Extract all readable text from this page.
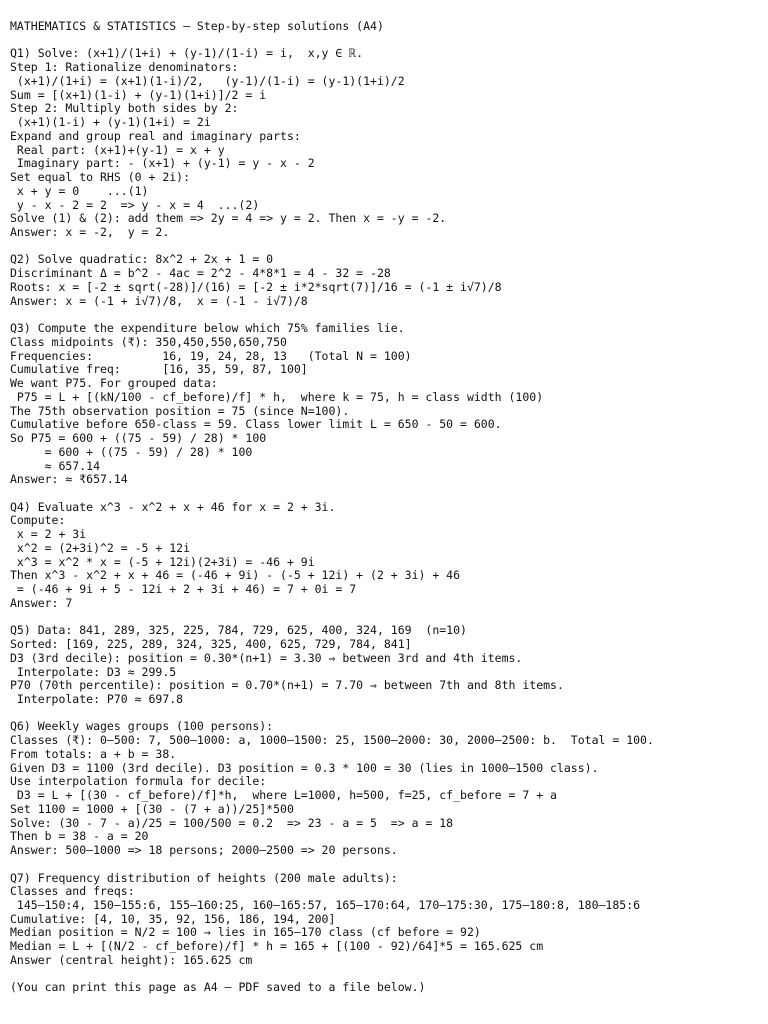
MATHEMATICS & STATISTICS — Step-by-step solutions (A4)
Q1) Solve: (x+1)/(1+i) + (y-1)/(1-i) = i,  x,y ∈ ℝ.
Step 1: Rationalize denominators:
(x+1)/(1+i) = (x+1)(1-i)/2,   (y-1)/(1-i) = (y-1)(1+i)/2
Sum = [(x+1)(1-i) + (y-1)(1+i)]/2 = i
Step 2: Multiply both sides by 2:
(x+1)(1-i) + (y-1)(1+i) = 2i
Expand and group real and imaginary parts:
Real part: (x+1)+(y-1) = x + y
Imaginary part: - (x+1) + (y-1) = y - x - 2
Set equal to RHS (0 + 2i):
x + y = 0    ...(1)
y - x - 2 = 2  => y - x = 4  ...(2)
Solve (1) & (2): add them => 2y = 4 => y = 2. Then x = -y = -2.
Answer: x = -2,  y = 2.
Q2) Solve quadratic: 8x^2 + 2x + 1 = 0
Discriminant Δ = b^2 - 4ac = 2^2 - 4*8*1 = 4 - 32 = -28
Roots: x = [-2 ± sqrt(-28)]/(16) = [-2 ± i*2*sqrt(7)]/16 = (-1 ± i√7)/8
Answer: x = (-1 + i√7)/8,  x = (-1 - i√7)/8
Q3) Compute the expenditure below which 75% families lie.
Class midpoints (₹): 350,450,550,650,750
Frequencies:          16, 19, 24, 28, 13   (Total N = 100)
Cumulative freq:      [16, 35, 59, 87, 100]
We want P75. For grouped data:
P75 = L + [(kN/100 - cf_before)/f] * h,  where k = 75, h = class width (100)
The 75th observation position = 75 (since N=100).
Cumulative before 650-class = 59. Class lower limit L = 650 - 50 = 600.
So P75 = 600 + ((75 - 59) / 28) * 100
= 600 + ((75 - 59) / 28) * 100
≈ 657.14
Answer: ≈ ₹657.14
Q4) Evaluate x^3 - x^2 + x + 46 for x = 2 + 3i.
Compute:
x = 2 + 3i
x^2 = (2+3i)^2 = -5 + 12i
x^3 = x^2 * x = (-5 + 12i)(2+3i) = -46 + 9i
Then x^3 - x^2 + x + 46 = (-46 + 9i) - (-5 + 12i) + (2 + 3i) + 46
= (-46 + 9i + 5 - 12i + 2 + 3i + 46) = 7 + 0i = 7
Answer: 7
Q5) Data: 841, 289, 325, 225, 784, 729, 625, 400, 324, 169  (n=10)
Sorted: [169, 225, 289, 324, 325, 400, 625, 729, 784, 841]
D3 (3rd decile): position = 0.30*(n+1) = 3.30 ⇒ between 3rd and 4th items.
Interpolate: D3 ≈ 299.5
P70 (70th percentile): position = 0.70*(n+1) = 7.70 ⇒ between 7th and 8th items.
Interpolate: P70 ≈ 697.8
Q6) Weekly wages groups (100 persons):
Classes (₹): 0–500: 7, 500–1000: a, 1000–1500: 25, 1500–2000: 30, 2000–2500: b.  Total = 100.
From totals: a + b = 38.
Given D3 = 1100 (3rd decile). D3 position = 0.3 * 100 = 30 (lies in 1000–1500 class).
Use interpolation formula for decile:
D3 = L + [(30 - cf_before)/f]*h,  where L=1000, h=500, f=25, cf_before = 7 + a
Set 1100 = 1000 + [(30 - (7 + a))/25]*500
Solve: (30 - 7 - a)/25 = 100/500 = 0.2  => 23 - a = 5  => a = 18
Then b = 38 - a = 20
Answer: 500–1000 => 18 persons; 2000–2500 => 20 persons.
Q7) Frequency distribution of heights (200 male adults):
Classes and freqs:
145–150:4, 150–155:6, 155–160:25, 160–165:57, 165–170:64, 170–175:30, 175–180:8, 180–185:6
Cumulative: [4, 10, 35, 92, 156, 186, 194, 200]
Median position = N/2 = 100 → lies in 165–170 class (cf before = 92)
Median = L + [(N/2 - cf_before)/f] * h = 165 + [(100 - 92)/64]*5 = 165.625 cm
Answer (central height): 165.625 cm
(You can print this page as A4 — PDF saved to a file below.)
